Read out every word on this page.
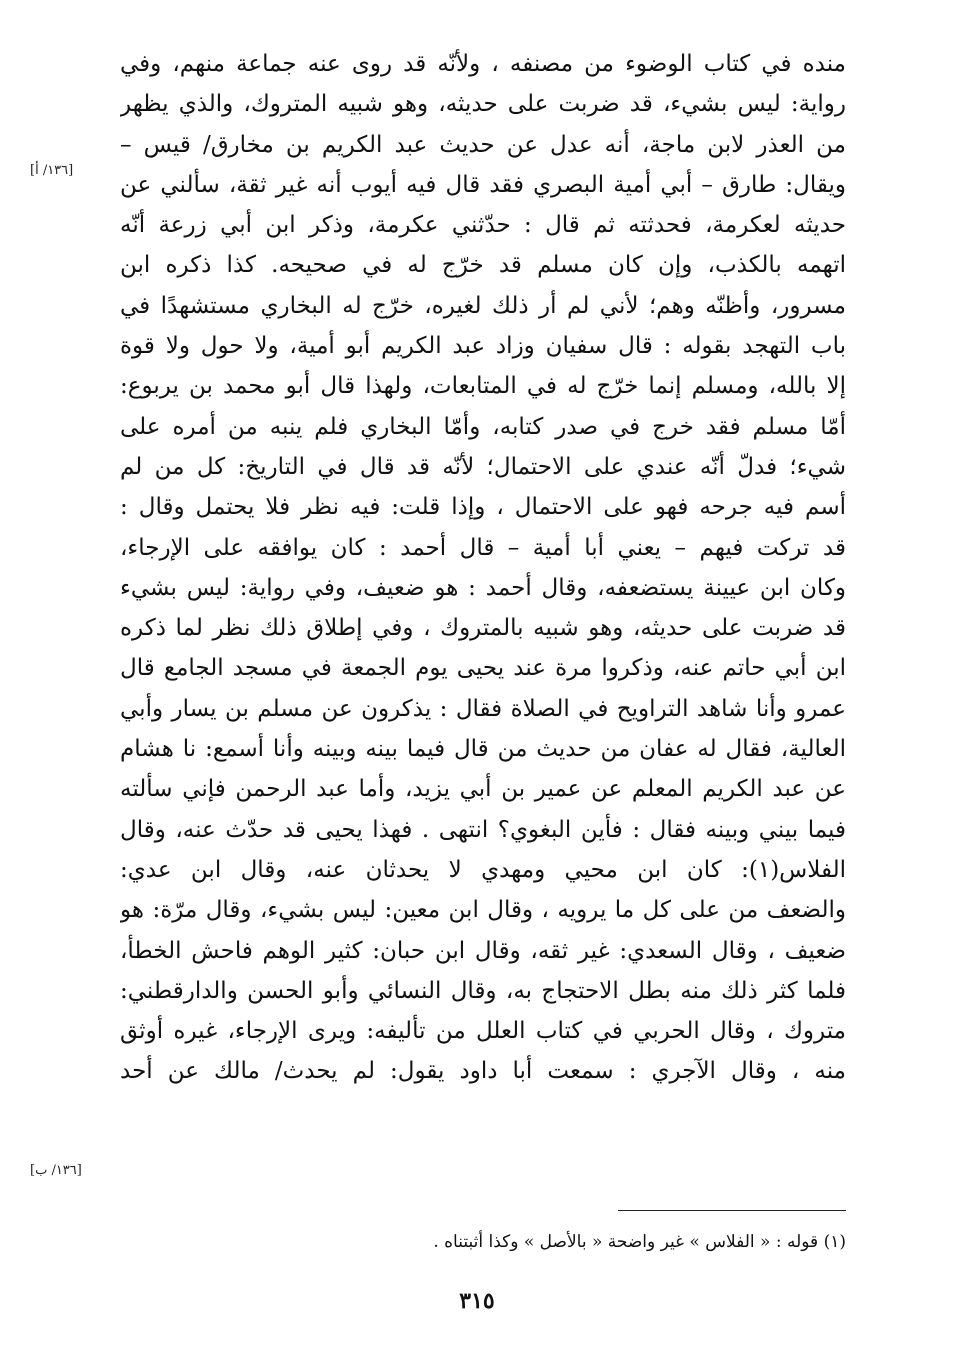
منده في كتاب الوضوء من مصنفه ، ولأنّه قد روى عنه جماعة منهم، وفي
رواية: ليس بشيء، قد ضربت على حديثه، وهو شبيه المتروك، والذي يظهر
من العذر لابن ماجة، أنه عدل عن حديث عبد الكريم بن مخارق/ قيس –
ويقال: طارق – أبي أمية البصري فقد قال فيه أيوب أنه غير ثقة، سألني عن
حديثه لعكرمة، فحدثته ثم قال : حدّثني عكرمة، وذكر ابن أبي زرعة أنّه
اتهمه بالكذب، وإن كان مسلم قد خرّج له في صحيحه. كذا ذكره ابن
مسرور، وأظنّه وهم؛ لأني لم أر ذلك لغيره، خرّج له البخاري مستشهدًا في
باب التهجد بقوله : قال سفيان وزاد عبد الكريم أبو أمية، ولا حول ولا قوة
إلا بالله، ومسلم إنما خرّج له في المتابعات، ولهذا قال أبو محمد بن يربوع:
أمّا مسلم فقد خرج في صدر كتابه، وأمّا البخاري فلم ينبه من أمره على
شيء؛ فدلّ أنّه عندي على الاحتمال؛ لأنّه قد قال في التاريخ: كل من لم
أسم فيه جرحه فهو على الاحتمال ، وإذا قلت: فيه نظر فلا يحتمل وقال :
قد تركت فيهم – يعني أبا أمية – قال أحمد : كان يوافقه على الإرجاء،
وكان ابن عيينة يستضعفه، وقال أحمد : هو ضعيف، وفي رواية: ليس بشيء
قد ضربت على حديثه، وهو شبيه بالمتروك ، وفي إطلاق ذلك نظر لما ذكره
ابن أبي حاتم عنه، وذكروا مرة عند يحيى يوم الجمعة في مسجد الجامع قال
عمرو وأنا شاهد التراويح في الصلاة فقال : يذكرون عن مسلم بن يسار وأبي
العالية، فقال له عفان من حديث من قال فيما بينه وبينه وأنا أسمع: نا هشام
عن عبد الكريم المعلم عن عمير بن أبي يزيد، وأما عبد الرحمن فإني سألته
فيما بيني وبينه فقال : فأين البغوي؟ انتهى . فهذا يحيى قد حدّث عنه، وقال
الفلاس(١): كان ابن محيي ومهدي لا يحدثان عنه، وقال ابن عدي:
والضعف من على كل ما يرويه ، وقال ابن معين: ليس بشيء، وقال مرّة: هو
ضعيف ، وقال السعدي: غير ثقه، وقال ابن حبان: كثير الوهم فاحش الخطأ،
فلما كثر ذلك منه بطل الاحتجاج به، وقال النسائي وأبو الحسن والدارقطني:
متروك ، وقال الحربي في كتاب العلل من تأليفه: ويرى الإرجاء، غيره أوثق
منه ، وقال الآجري : سمعت أبا داود يقول: لم يحدث/ مالك عن أحد
[١٣٦/ أ]
[١٣٦/ ب]
(١) قوله : « الفلاس » غير واضحة « بالأصل » وكذا أثبتناه .
٣١٥
